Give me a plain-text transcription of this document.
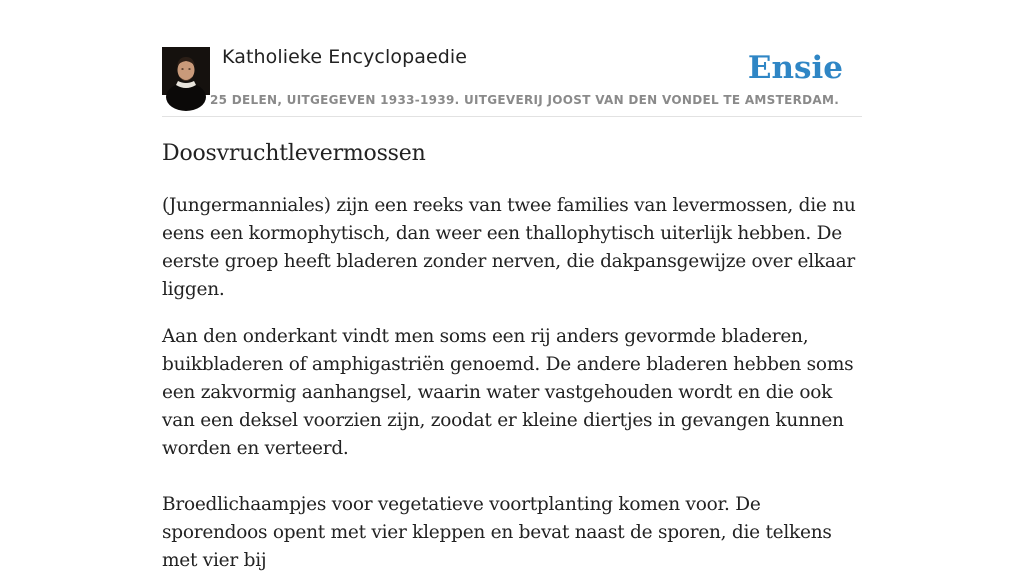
Katholieke Encyclopaedie
25 DELEN, UITGEGEVEN 1933-1939. UITGEVERIJ JOOST VAN DEN VONDEL TE AMSTERDAM.
Ensie
Doosvruchtlevermossen

(Jungermanniales) zijn een reeks van twee families van levermossen, die nu eens een kormophytisch, dan weer een thallophytisch uiterlijk hebben. De eerste groep heeft bladeren zonder nerven, die dakpansgewijze over elkaar liggen.

Aan den onderkant vindt men soms een rij anders gevormde bladeren, buikbladeren of amphigastriën genoemd. De andere bladeren hebben soms een zakvormig aanhangsel, waarin water vastgehouden wordt en die ook van een deksel voorzien zijn, zoodat er kleine diertjes in gevangen kunnen worden en verteerd.

Broedlichaampjes voor vegetatieve voortplanting komen voor. De sporendoos opent met vier kleppen en bevat naast de sporen, die telkens met vier bij
